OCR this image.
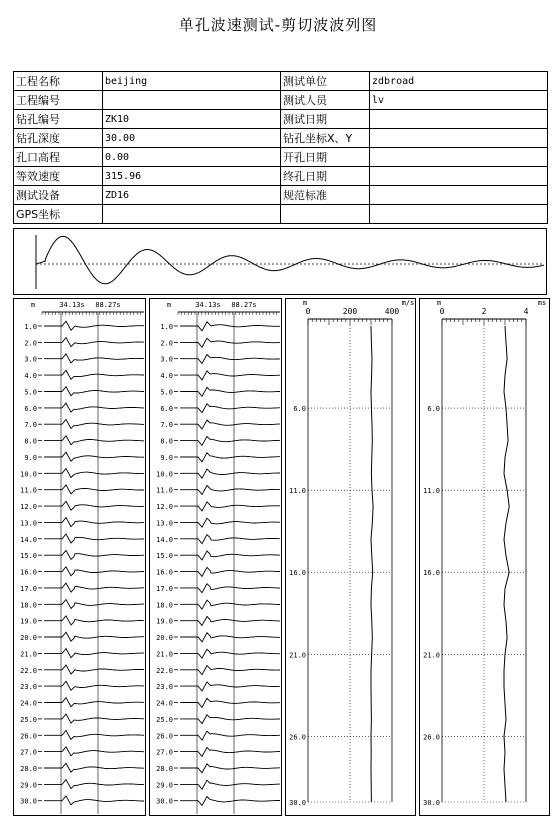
单孔波速测试-剪切波波列图
工程名称	beijing	测试单位	zdbroad
工程编号		测试人员	lv
钻孔编号	ZK10	测试日期	
钻孔深度	30.00	钻孔坐标X、Y	
孔口高程	0.00	开孔日期	
等效速度	315.96	终孔日期	
测试设备	ZD16	规范标准	
GPS坐标			
m	34.13s 88.27s
1.0
2.0
3.0
4.0
5.0
6.0
7.0
8.0
9.0
10.0
11.0
12.0
13.0
14.0
15.0
16.0
17.0
18.0
19.0
20.0
21.0
22.0
23.0
24.0
25.0
26.0
27.0
28.0
29.0
30.0
m	34.13s 88.27s
1.0
2.0
3.0
4.0
5.0
6.0
7.0
8.0
9.0
10.0
11.0
12.0
13.0
14.0
15.0
16.0
17.0
18.0
19.0
20.0
21.0
22.0
23.0
24.0
25.0
26.0
27.0
28.0
29.0
30.0
m	m/s
0	200	400
6.0
11.0
16.0
21.0
26.0
30.0
m	ms
0	2	4
6.0
11.0
16.0
21.0
26.0
30.0
